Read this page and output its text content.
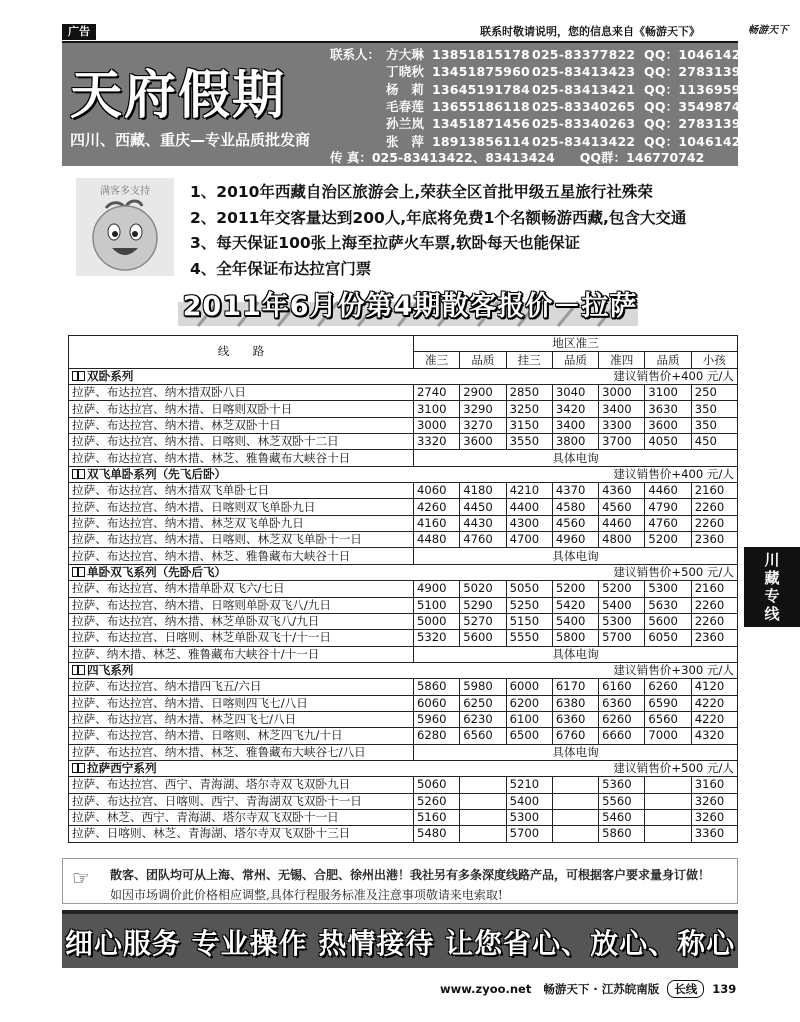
广告	联系时敬请说明，您的信息来自《畅游天下》	畅游天下
天府假期
四川、西藏、重庆—专业品质批发商
联系人：
传 真：025-83413422、83413424　　QQ群：146770742
方大琳 13851815178 025-83377822 QQ：1046142728
丁晓秋 13451875960 025-83413423 QQ：278313909
杨　莉 13645191784 025-83413421 QQ：1136959703
毛春莲 13655186118 025-83340265 QQ：354987467
孙兰岚 13451871456 025-83340263 QQ：278313909
张　萍 18913856114 025-83413422 QQ：1046142728
满客多支持
2011年6月份第4期散客报价－拉萨
线　　路	地区准三						
	准三	品质	挂三	品质	准四	品质	小孩
双卧系列		建议销售价+400 元/人					
拉萨、布达拉宫、纳木措双卧八日	2740	2900	2850	3040	3000	3100	250
拉萨、布达拉宫、纳木措、日喀则双卧十日	3100	3290	3250	3420	3400	3630	350
拉萨、布达拉宫、纳木措、林芝双卧十日	3000	3270	3150	3400	3300	3600	350
拉萨、布达拉宫、纳木措、日喀则、林芝双卧十二日	3320	3600	3550	3800	3700	4050	450
拉萨、布达拉宫、纳木措、林芝、雅鲁藏布大峡谷十日	具体电询						
双飞单卧系列（先飞后卧）		建议销售价+400 元/人					
拉萨、布达拉宫、纳木措双飞单卧七日	4060	4180	4210	4370	4360	4460	2160
拉萨、布达拉宫、纳木措、日喀则双飞单卧九日	4260	4450	4400	4580	4560	4790	2260
拉萨、布达拉宫、纳木措、林芝双飞单卧九日	4160	4430	4300	4560	4460	4760	2260
拉萨、布达拉宫、纳木措、日喀则、林芝双飞单卧十一日	4480	4760	4700	4960	4800	5200	2360
拉萨、布达拉宫、纳木措、林芝、雅鲁藏布大峡谷十日	具体电询						
单卧双飞系列（先卧后飞）		建议销售价+500 元/人					
拉萨、布达拉宫、纳木措单卧双飞六/七日	4900	5020	5050	5200	5200	5300	2160
拉萨、布达拉宫、纳木措、日喀则单卧双飞八/九日	5100	5290	5250	5420	5400	5630	2260
拉萨、布达拉宫、纳木措、林芝单卧双飞八/九日	5000	5270	5150	5400	5300	5600	2260
拉萨、布达拉宫、日喀则、林芝单卧双飞十/十一日	5320	5600	5550	5800	5700	6050	2360
拉萨、纳木措、林芝、雅鲁藏布大峡谷十/十一日	具体电询						
四飞系列		建议销售价+300 元/人					
拉萨、布达拉宫、纳木措四飞五/六日	5860	5980	6000	6170	6160	6260	4120
拉萨、布达拉宫、纳木措、日喀则四飞七/八日	6060	6250	6200	6380	6360	6590	4220
拉萨、布达拉宫、纳木措、林芝四飞七/八日	5960	6230	6100	6360	6260	6560	4220
拉萨、布达拉宫、纳木措、日喀则、林芝四飞九/十日	6280	6560	6500	6760	6660	7000	4320
拉萨、布达拉宫、纳木措、林芝、雅鲁藏布大峡谷七/八日	具体电询						
拉萨西宁系列		建议销售价+500 元/人					
拉萨、布达拉宫、西宁、青海湖、塔尔寺双飞双卧九日	5060		5210		5360		3160
拉萨、布达拉宫、日喀则、西宁、青海湖双飞双卧十一日	5260		5400		5560		3260
拉萨、林芝、西宁、青海湖、塔尔寺双飞双卧十一日	5160		5300		5460		3260
拉萨、日喀则、林芝、青海湖、塔尔寺双飞双卧十三日	5480		5700		5860		3360
川
藏
专
线
☞ 散客、团队均可从上海、常州、无锡、合肥、徐州出港！我社另有多条深度线路产品，可根据客户要求量身订做！
如因市场调价此价格相应调整,具体行程服务标准及注意事项敬请来电索取!
细心服务 专业操作 热情接待 让您省心、放心、称心
www.zyoo.net 畅游天下 · 江苏皖南版 长线 139
1、2010年西藏自治区旅游会上,荣获全区首批甲级五星旅行社殊荣
2、2011年交客量达到200人,年底将免费1个名额畅游西藏,包含大交通
3、每天保证100张上海至拉萨火车票,软卧每天也能保证
4、全年保证布达拉宫门票
